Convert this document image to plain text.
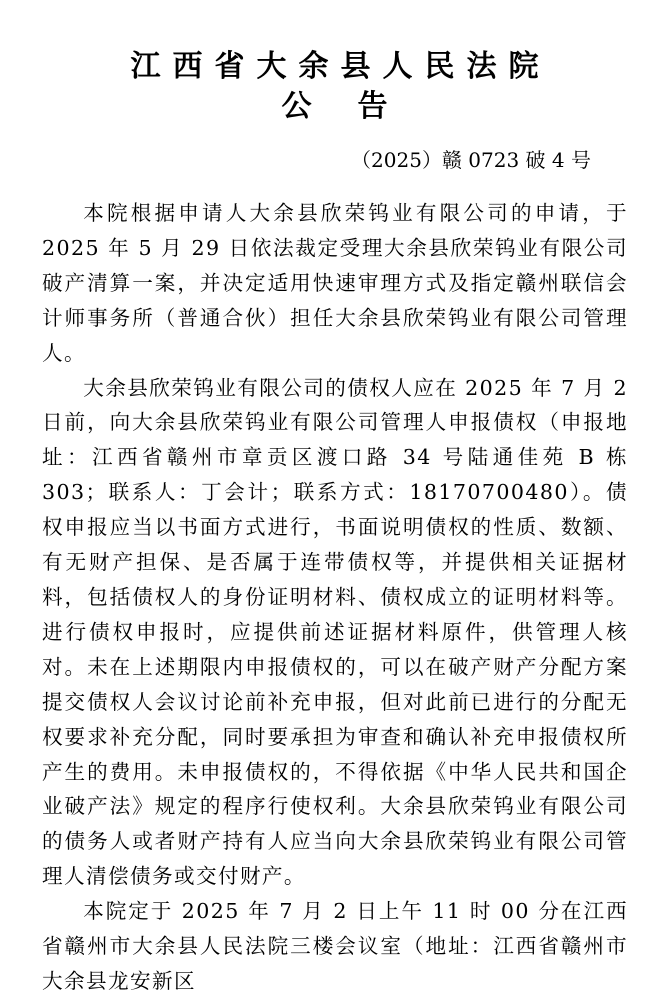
江西省大余县人民法院
公告
（2025）赣 0723 破 4 号

本院根据申请人大余县欣荣钨业有限公司的申请，于 2025 年 5 月 29 日依法裁定受理大余县欣荣钨业有限公司破产清算一案，并决定适用快速审理方式及指定赣州联信会计师事务所（普通合伙）担任大余县欣荣钨业有限公司管理人。

大余县欣荣钨业有限公司的债权人应在 2025 年 7 月 2 日前，向大余县欣荣钨业有限公司管理人申报债权（申报地址：江西省赣州市章贡区渡口路 34 号陆通佳苑 B 栋 303；联系人：丁会计；联系方式：18170700480）。债权申报应当以书面方式进行，书面说明债权的性质、数额、有无财产担保、是否属于连带债权等，并提供相关证据材料，包括债权人的身份证明材料、债权成立的证明材料等。进行债权申报时，应提供前述证据材料原件，供管理人核对。未在上述期限内申报债权的，可以在破产财产分配方案提交债权人会议讨论前补充申报，但对此前已进行的分配无权要求补充分配，同时要承担为审查和确认补充申报债权所产生的费用。未申报债权的，不得依据《中华人民共和国企业破产法》规定的程序行使权利。大余县欣荣钨业有限公司的债务人或者财产持有人应当向大余县欣荣钨业有限公司管理人清偿债务或交付财产。

本院定于 2025 年 7 月 2 日上午 11 时 00 分在江西省赣州市大余县人民法院三楼会议室（地址：江西省赣州市大余县龙安新区
